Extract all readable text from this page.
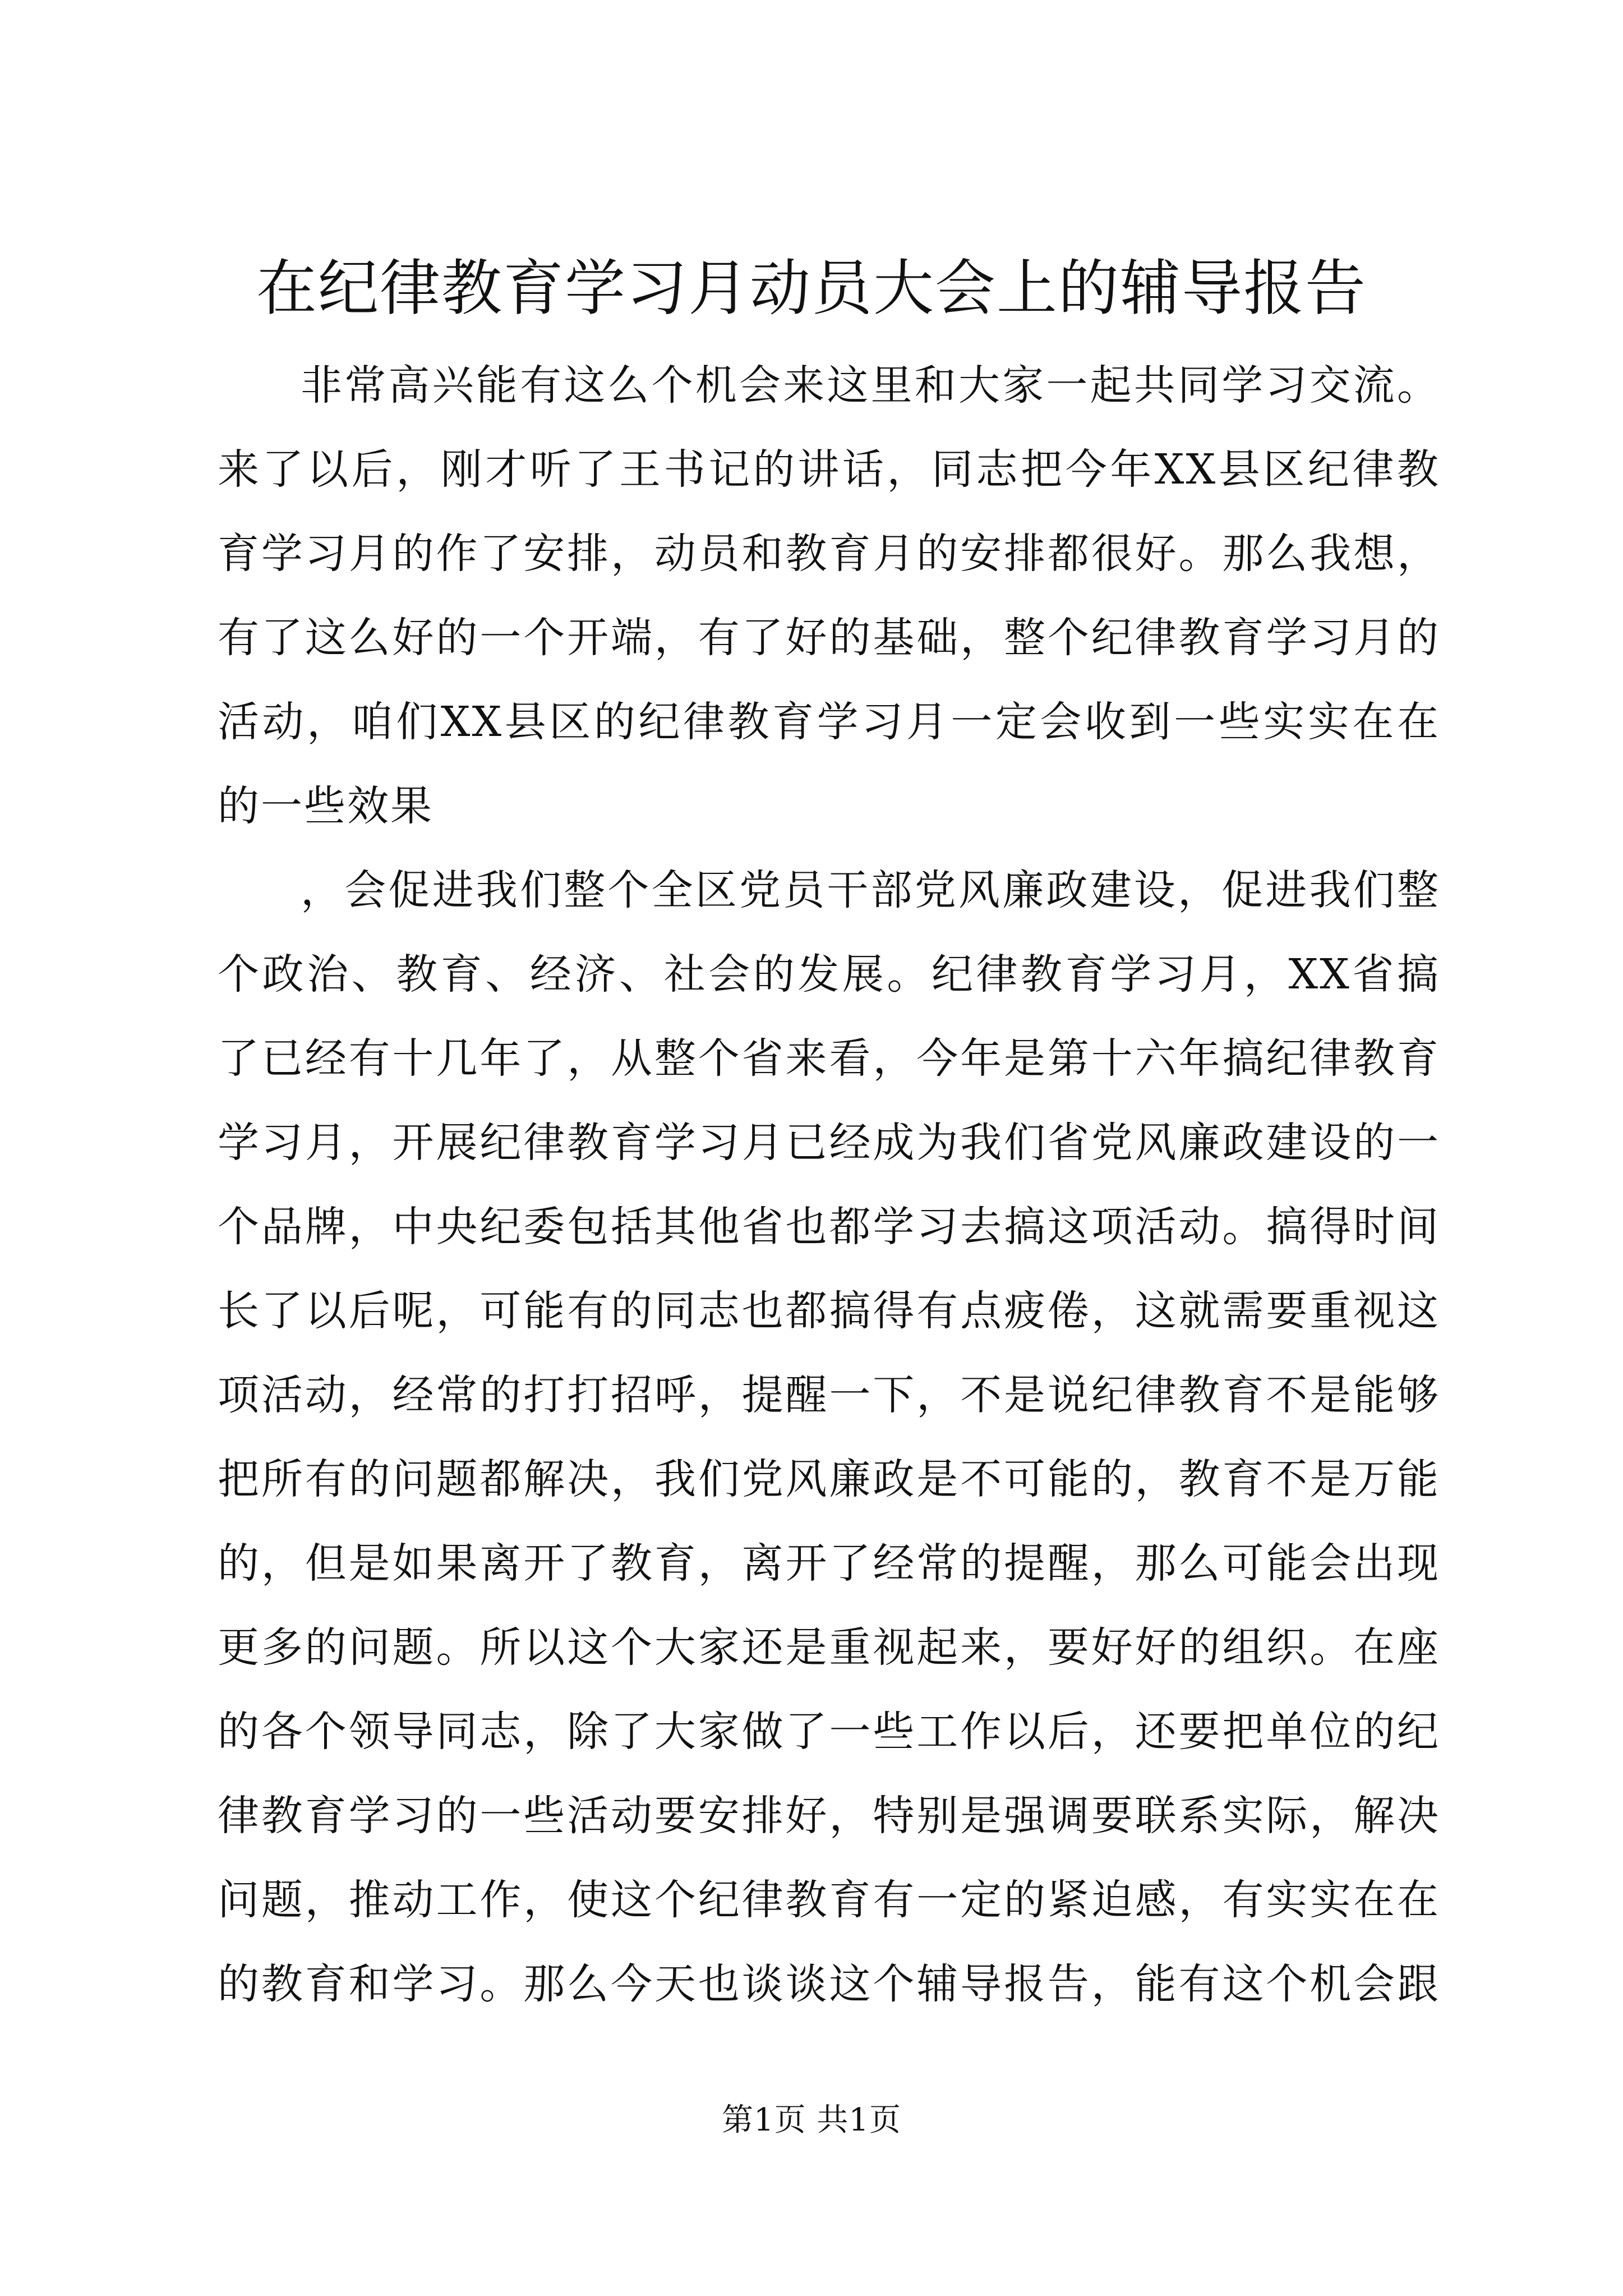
在纪律教育学习月动员大会上的辅导报告
非常高兴能有这么个机会来这里和大家一起共同学习交流。
来了以后，刚才听了王书记的讲话，同志把今年XX县区纪律教
育学习月的作了安排，动员和教育月的安排都很好。那么我想，
有了这么好的一个开端，有了好的基础，整个纪律教育学习月的
活动，咱们XX县区的纪律教育学习月一定会收到一些实实在在
的一些效果
，会促进我们整个全区党员干部党风廉政建设，促进我们整
个政治、教育、经济、社会的发展。纪律教育学习月，XX省搞
了已经有十几年了，从整个省来看，今年是第十六年搞纪律教育
学习月，开展纪律教育学习月已经成为我们省党风廉政建设的一
个品牌，中央纪委包括其他省也都学习去搞这项活动。搞得时间
长了以后呢，可能有的同志也都搞得有点疲倦，这就需要重视这
项活动，经常的打打招呼，提醒一下，不是说纪律教育不是能够
把所有的问题都解决，我们党风廉政是不可能的，教育不是万能
的，但是如果离开了教育，离开了经常的提醒，那么可能会出现
更多的问题。所以这个大家还是重视起来，要好好的组织。在座
的各个领导同志，除了大家做了一些工作以后，还要把单位的纪
律教育学习的一些活动要安排好，特别是强调要联系实际，解决
问题，推动工作，使这个纪律教育有一定的紧迫感，有实实在在
的教育和学习。那么今天也谈谈这个辅导报告，能有这个机会跟
第1页 共1页
